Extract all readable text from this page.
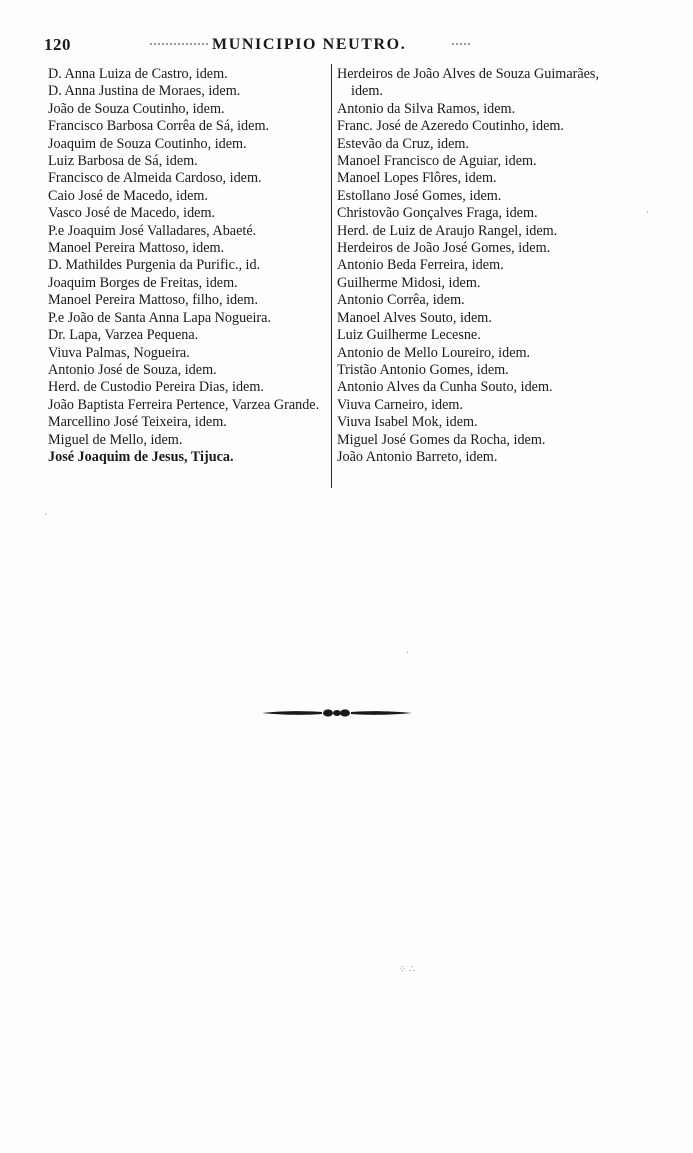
120	MUNICIPIO NEUTRO.
D. Anna Luiza de Castro, idem.
D. Anna Justina de Moraes, idem.
João de Souza Coutinho, idem.
Francisco Barbosa Corrêa de Sá, idem.
Joaquim de Souza Coutinho, idem.
Luiz Barbosa de Sá, idem.
Francisco de Almeida Cardoso, idem.
Caio José de Macedo, idem.
Vasco José de Macedo, idem.
P.e Joaquim José Valladares, Abaeté.
Manoel Pereira Mattoso, idem.
D. Mathildes Purgenia da Purific., id.
Joaquim Borges de Freitas, idem.
Manoel Pereira Mattoso, filho, idem.
P.e João de Santa Anna Lapa Nogueira.
Dr. Lapa, Varzea Pequena.
Viuva Palmas, Nogueira.
Antonio José de Souza, idem.
Herd. de Custodio Pereira Dias, idem.
João Baptista Ferreira Pertence, Varzea Grande.
Marcellino José Teixeira, idem.
Miguel de Mello, idem.
José Joaquim de Jesus, Tijuca.
Herdeiros de João Alves de Souza Guimarães, idem.
Antonio da Silva Ramos, idem.
Franc. José de Azeredo Coutinho, idem.
Estevão da Cruz, idem.
Manoel Francisco de Aguiar, idem.
Manoel Lopes Flôres, idem.
Estollano José Gomes, idem.
Christovão Gonçalves Fraga, idem.
Herd. de Luiz de Araujo Rangel, idem.
Herdeiros de João José Gomes, idem.
Antonio Beda Ferreira, idem.
Guilherme Midosi, idem.
Antonio Corrêa, idem.
Manoel Alves Souto, idem.
Luiz Guilherme Lecesne.
Antonio de Mello Loureiro, idem.
Tristão Antonio Gomes, idem.
Antonio Alves da Cunha Souto, idem.
Viuva Carneiro, idem.
Viuva Isabel Mok, idem.
Miguel José Gomes da Rocha, idem.
João Antonio Barreto, idem.
·
⸒
⁘ ∴
·
